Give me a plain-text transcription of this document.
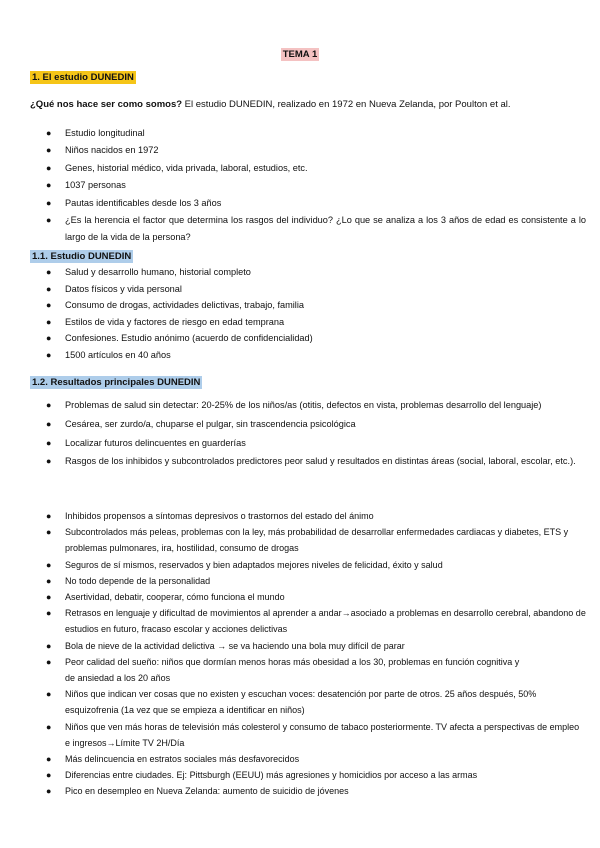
TEMA 1
1. El estudio DUNEDIN
¿Qué nos hace ser como somos? El estudio DUNEDIN, realizado en 1972 en Nueva Zelanda, por Poulton et al.
● Estudio longitudinal
● Niños nacidos en 1972
● Genes, historial médico, vida privada, laboral, estudios, etc.
● 1037 personas
● Pautas identificables desde los 3 años
● ¿Es la herencia el factor que determina los rasgos del individuo? ¿Lo que se analiza a los 3 años de edad es consistente a lo largo de la vida de la persona?
1.1. Estudio DUNEDIN
● Salud y desarrollo humano, historial completo
● Datos físicos y vida personal
● Consumo de drogas, actividades delictivas, trabajo, familia
● Estilos de vida y factores de riesgo en edad temprana
● Confesiones. Estudio anónimo (acuerdo de confidencialidad)
● 1500 artículos en 40 años
1.2. Resultados principales DUNEDIN
● Problemas de salud sin detectar: 20-25% de los niños/as (otitis, defectos en vista, problemas desarrollo del lenguaje)
● Cesárea, ser zurdo/a, chuparse el pulgar, sin trascendencia psicológica
● Localizar futuros delincuentes en guarderías
● Rasgos de los inhibidos y subcontrolados predictores peor salud y resultados en distintas áreas (social, laboral, escolar, etc.).
● Inhibidos propensos a síntomas depresivos o trastornos del estado del ánimo
● Subcontrolados más peleas, problemas con la ley, más probabilidad de desarrollar enfermedades cardiacas y diabetes, ETS y problemas pulmonares, ira, hostilidad, consumo de drogas
● Seguros de sí mismos, reservados y bien adaptados mejores niveles de felicidad, éxito y salud
● No todo depende de la personalidad
● Asertividad, debatir, cooperar, cómo funciona el mundo
● Retrasos en lenguaje y dificultad de movimientos al aprender a andar→asociado a problemas en desarrollo cerebral, abandono de estudios en futuro, fracaso escolar y acciones delictivas
● Bola de nieve de la actividad delictiva → se va haciendo una bola muy difícil de parar
● Peor calidad del sueño: niños que dormían menos horas más obesidad a los 30, problemas en función cognitiva y
de ansiedad a los 20 años
● Niños que indican ver cosas que no existen y escuchan voces: desatención por parte de otros. 25 años después, 50% esquizofrenia (1a vez que se empieza a identificar en niños)
● Niños que ven más horas de televisión más colesterol y consumo de tabaco posteriormente. TV afecta a perspectivas de empleo e ingresos→Límite TV 2H/Día
● Más delincuencia en estratos sociales más desfavorecidos
● Diferencias entre ciudades. Ej: Pittsburgh (EEUU) más agresiones y homicidios por acceso a las armas
● Pico en desempleo en Nueva Zelanda: aumento de suicidio de jóvenes
